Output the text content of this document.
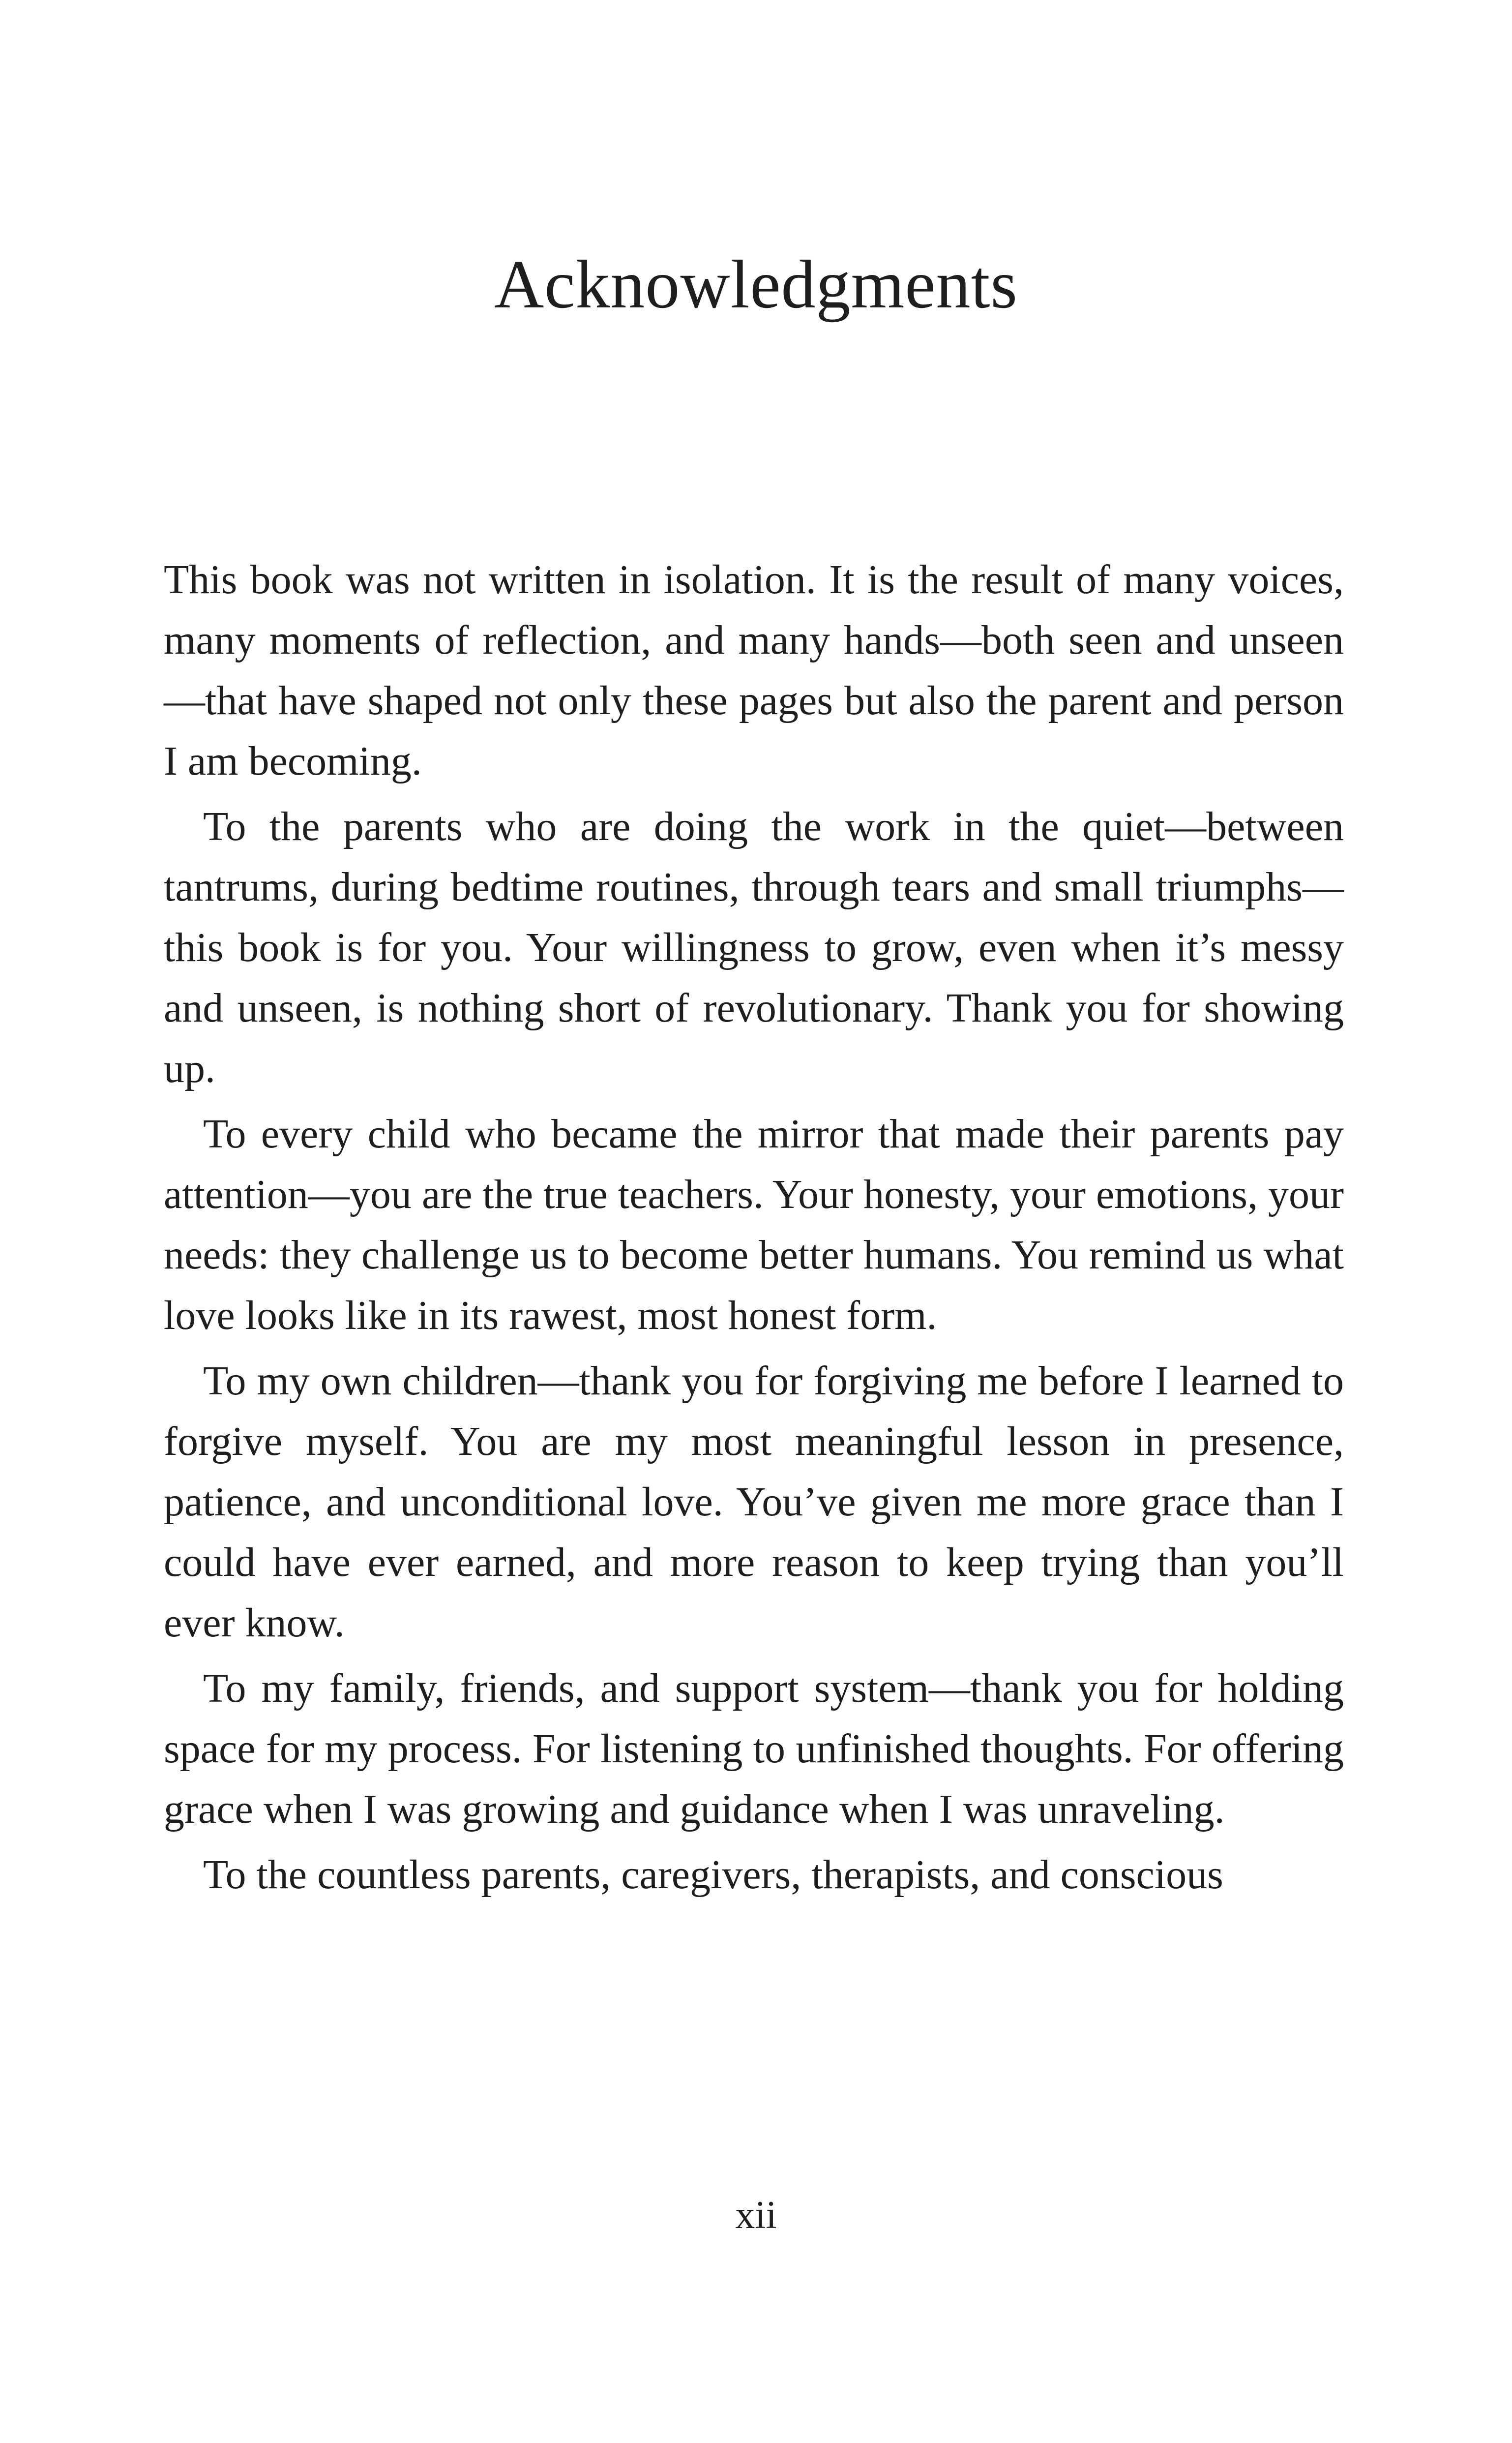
Acknowledgments

This book was not written in isolation. It is the result of many voices, many moments of reflection, and many hands—both seen and unseen—that have shaped not only these pages but also the parent and person I am becoming.

To the parents who are doing the work in the quiet—between tantrums, during bedtime routines, through tears and small triumphs—this book is for you. Your willingness to grow, even when it’s messy and unseen, is nothing short of revolutionary. Thank you for showing up.

To every child who became the mirror that made their parents pay attention—you are the true teachers. Your honesty, your emotions, your needs: they challenge us to become better humans. You remind us what love looks like in its rawest, most honest form.

To my own children—thank you for forgiving me before I learned to forgive myself. You are my most meaningful lesson in presence, patience, and unconditional love. You’ve given me more grace than I could have ever earned, and more reason to keep trying than you’ll ever know.

To my family, friends, and support system—thank you for holding space for my process. For listening to unfinished thoughts. For offering grace when I was growing and guidance when I was unraveling.

To the countless parents, caregivers, therapists, and conscious

xii
